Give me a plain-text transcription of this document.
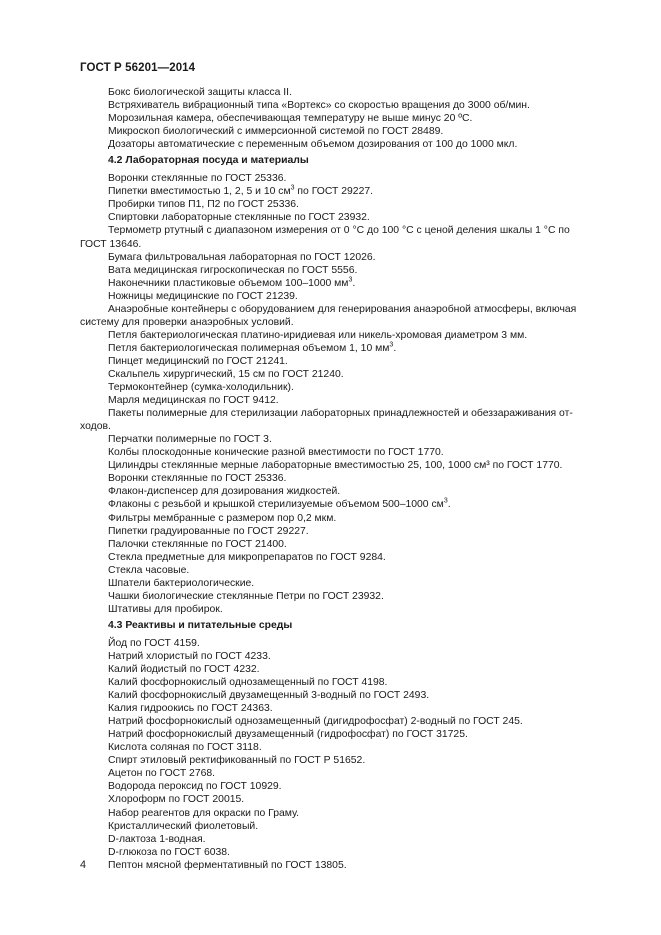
ГОСТ Р 56201—2014
Бокс биологической защиты класса II.
Встряхиватель вибрационный типа «Вортекс» со скоростью вращения до 3000 об/мин.
Морозильная камера, обеспечивающая температуру не выше минус 20 ºС.
Микроскоп биологический с иммерсионной системой по ГОСТ 28489.
Дозаторы автоматические с переменным объемом дозирования от 100 до 1000 мкл.
4.2 Лабораторная посуда и материалы
Воронки стеклянные по ГОСТ 25336.
Пипетки вместимостью 1, 2, 5 и 10 $см^3$ по ГОСТ 29227.
Пробирки типов П1, П2 по ГОСТ 25336.
Спиртовки лабораторные стеклянные по ГОСТ 23932.
Термометр ртутный с диапазоном измерения от 0 °С до 100 °С с ценой деления шкалы 1 °С по
ГОСТ 13646.
Бумага фильтровальная лабораторная по ГОСТ 12026.
Вата медицинская гигроскопическая по ГОСТ 5556.
Наконечники пластиковые объемом 100–1000 $мм^3$.
Ножницы медицинские по ГОСТ 21239.
Анаэробные контейнеры с оборудованием для генерирования анаэробной атмосферы, включая
систему для проверки анаэробных условий.
Петля бактериологическая платино-иридиевая или никель-хромовая диаметром 3 мм.
Петля бактериологическая полимерная объемом 1, 10 $мм^3$.
Пинцет медицинский по ГОСТ 21241.
Скальпель хирургический, 15 см по ГОСТ 21240.
Термоконтейнер (сумка-холодильник).
Марля медицинская по ГОСТ 9412.
Пакеты полимерные для стерилизации лабораторных принадлежностей и обеззараживания от-
ходов.
Перчатки полимерные по ГОСТ 3.
Колбы плоскодонные конические разной вместимости по ГОСТ 1770.
Цилиндры стеклянные мерные лабораторные вместимостью 25, 100, 1000 см³ по ГОСТ 1770.
Воронки стеклянные по ГОСТ 25336.
Флакон-диспенсер для дозирования жидкостей.
Флаконы с резьбой и крышкой стерилизуемые объемом 500–1000 $см^3$.
Фильтры мембранные с размером пор 0,2 мкм.
Пипетки градуированные по ГОСТ 29227.
Палочки стеклянные по ГОСТ 21400.
Стекла предметные для микропрепаратов по ГОСТ 9284.
Стекла часовые.
Шпатели бактериологические.
Чашки биологические стеклянные Петри по ГОСТ 23932.
Штативы для пробирок.
4.3 Реактивы и питательные среды
Йод по ГОСТ 4159.
Натрий хлористый по ГОСТ 4233.
Калий йодистый по ГОСТ 4232.
Калий фосфорнокислый однозамещенный по ГОСТ 4198.
Калий фосфорнокислый двузамещенный 3-водный по ГОСТ 2493.
Калия гидроокись по ГОСТ 24363.
Натрий фосфорнокислый однозамещенный (дигидрофосфат) 2-водный по ГОСТ 245.
Натрий фосфорнокислый двузамещенный (гидрофосфат) по ГОСТ 31725.
Кислота соляная по ГОСТ 3118.
Спирт этиловый ректификованный по ГОСТ Р 51652.
Ацетон по ГОСТ 2768.
Водорода пероксид по ГОСТ 10929.
Хлороформ по ГОСТ 20015.
Набор реагентов для окраски по Граму.
Кристаллический фиолетовый.
D-лактоза 1-водная.
D-глюкоза по ГОСТ 6038.
Пептон мясной ферментативный по ГОСТ 13805.
4
